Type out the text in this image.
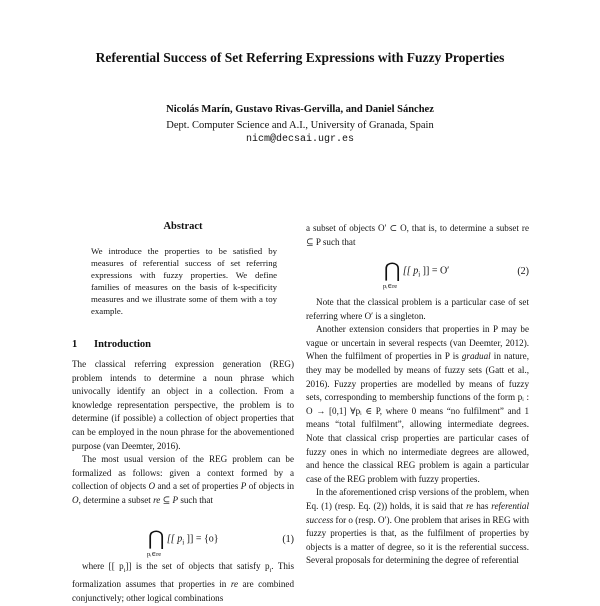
Referential Success of Set Referring Expressions with Fuzzy Properties
Nicolás Marín, Gustavo Rivas-Gervilla, and Daniel Sánchez
Dept. Computer Science and A.I., University of Granada, Spain
nicm@decsai.ugr.es
Abstract
We introduce the properties to be satisfied by measures of referential success of set referring expressions with fuzzy properties. We define families of measures on the basis of k-specificity measures and we illustrate some of them with a toy example.
1 Introduction

The classical referring expression generation (REG) problem intends to determine a noun phrase which univocally identify an object in a collection. From a knowledge representation perspective, the problem is to determine (if possible) a collection of object properties that can be employed in the noun phrase for the abovementioned purpose (van Deemter, 2016).

The most usual version of the REG problem can be formalized as follows: given a context formed by a collection of objects O and a set of properties P of objects in O, determine a subset re ⊆ P such that

⋂ [[ $p_i$ ]] = {o}
pᵢ∈re
(1)

where [[ $p_i$]] is the set of objects that satisfy $p_i$. This formalization assumes that properties in re are combined conjunctively; other logical combinations

a subset of objects O′ ⊂ O, that is, to determine a subset re ⊆ P such that

⋂ [[ $p_i$ ]] = O′
pᵢ∈re
(2)

Note that the classical problem is a particular case of set referring where O′ is a singleton.

Another extension considers that properties in P may be vague or uncertain in several respects (van Deemter, 2012). When the fulfilment of properties in P is gradual in nature, they may be modelled by means of fuzzy sets (Gatt et al., 2016). Fuzzy properties are modelled by means of fuzzy sets, corresponding to membership functions of the form pᵢ : O → [0,1] ∀pᵢ ∈ P, where 0 means “no fulfilment” and 1 means “total fulfilment”, allowing intermediate degrees. Note that classical crisp properties are particular cases of fuzzy ones in which no intermediate degrees are allowed, and hence the classical REG problem is again a particular case of the REG problem with fuzzy properties.

In the aforementioned crisp versions of the problem, when Eq. (1) (resp. Eq. (2)) holds, it is said that re has referential success for o (resp. O′). One problem that arises in REG with fuzzy properties is that, as the fulfilment of properties by objects is a matter of degree, so it is the referential success. Several proposals for determining the degree of referential
